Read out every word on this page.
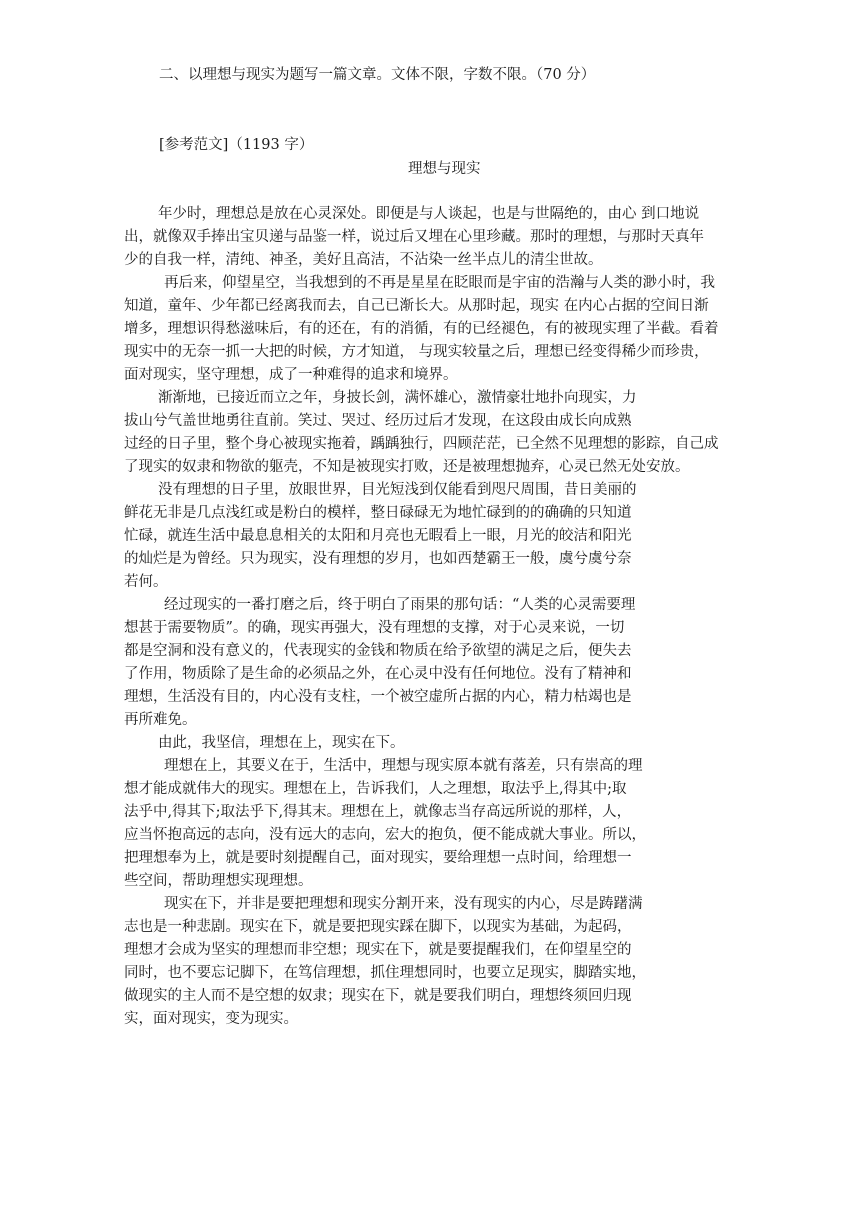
二、以理想与现实为题写一篇文章。文体不限，字数不限。（70 分）
[参考范文]（1193 字）
理想与现实
年少时，理想总是放在心灵深处。即便是与人谈起，也是与世隔绝的，由心 到口地说
出，就像双手捧出宝贝递与品鉴一样，说过后又埋在心里珍藏。那时的理想，与那时天真年
少的自我一样，清纯、神圣，美好且高洁，不沾染一丝半点儿的清尘世故。
再后来，仰望星空，当我想到的不再是星星在眨眼而是宇宙的浩瀚与人类的渺小时，我
知道，童年、少年都已经离我而去，自己已渐长大。从那时起，现实 在内心占据的空间日渐
增多，理想识得愁滋味后，有的还在，有的消循，有的已经褪色，有的被现实理了半截。看着
现实中的无奈一抓一大把的时候，方才知道， 与现实较量之后，理想已经变得稀少而珍贵，
面对现实，坚守理想，成了一种难得的追求和境界。
渐渐地，已接近而立之年，身披长剑，满怀雄心，激情豪壮地扑向现实，力
拔山兮气盖世地勇往直前。笑过、哭过、经历过后才发现，在这段由成长向成熟
过经的日子里，整个身心被现实拖着，踽踽独行，四顾茫茫，已全然不见理想的影踪，自己成
了现实的奴隶和物欲的躯壳，不知是被现实打败，还是被理想抛弃，心灵已然无处安放。
没有理想的日子里，放眼世界，目光短浅到仅能看到咫尺周围，昔日美丽的
鲜花无非是几点浅红或是粉白的模样，整日碌碌无为地忙碌到的的确确的只知道
忙碌，就连生活中最息息相关的太阳和月亮也无暇看上一眼，月光的皎洁和阳光
的灿烂是为曾经。只为现实，没有理想的岁月，也如西楚霸王一般，虞兮虞兮奈
若何。
经过现实的一番打磨之后，终于明白了雨果的那句话：“人类的心灵需要理
想甚于需要物质”。的确，现实再强大，没有理想的支撑，对于心灵来说，一切
都是空洞和没有意义的，代表现实的金钱和物质在给予欲望的满足之后，便失去
了作用，物质除了是生命的必须品之外，在心灵中没有任何地位。没有了精神和
理想，生活没有目的，内心没有支柱，一个被空虚所占据的内心，精力枯竭也是
再所难免。
由此，我坚信，理想在上，现实在下。
理想在上，其要义在于，生活中，理想与现实原本就有落差，只有崇高的理
想才能成就伟大的现实。理想在上，告诉我们，人之理想，取法乎上,得其中;取
法乎中,得其下;取法乎下,得其末。理想在上，就像志当存高远所说的那样，人，
应当怀抱高远的志向，没有远大的志向，宏大的抱负，便不能成就大事业。所以，
把理想奉为上，就是要时刻提醒自己，面对现实，要给理想一点时间，给理想一
些空间，帮助理想实现理想。
现实在下，并非是要把理想和现实分割开来，没有现实的内心，尽是踌躇满
志也是一种悲剧。现实在下，就是要把现实踩在脚下，以现实为基础，为起码，
理想才会成为坚实的理想而非空想；现实在下，就是要提醒我们，在仰望星空的
同时，也不要忘记脚下，在笃信理想，抓住理想同时，也要立足现实，脚踏实地，
做现实的主人而不是空想的奴隶；现实在下，就是要我们明白，理想终须回归现
实，面对现实，变为现实。
